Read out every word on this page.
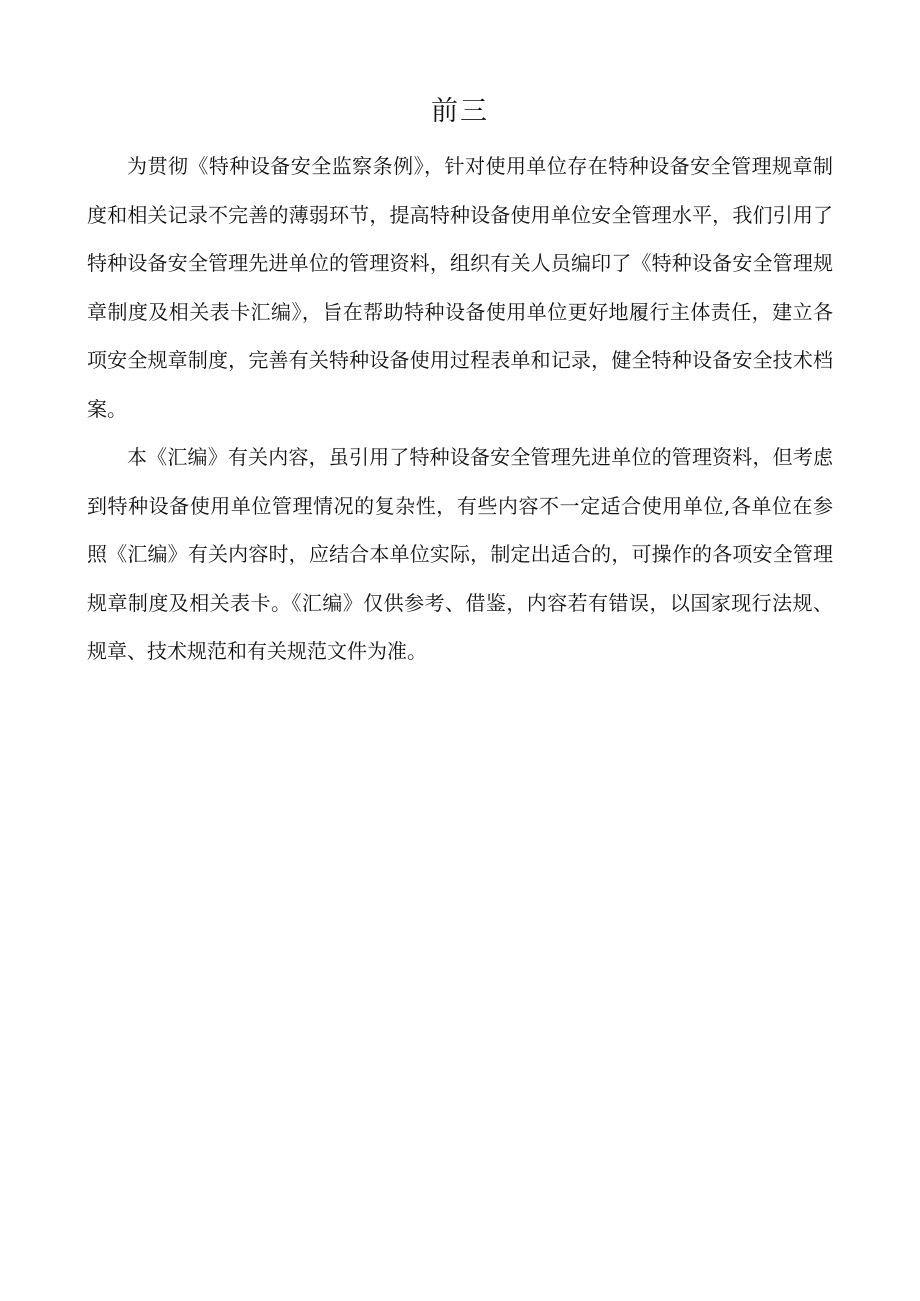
前三

为贯彻《特种设备安全监察条例》，针对使用单位存在特种设备安全管理规章制度和相关记录不完善的薄弱环节，提高特种设备使用单位安全管理水平，我们引用了特种设备安全管理先进单位的管理资料，组织有关人员编印了《特种设备安全管理规章制度及相关表卡汇编》，旨在帮助特种设备使用单位更好地履行主体责任，建立各项安全规章制度，完善有关特种设备使用过程表单和记录，健全特种设备安全技术档案。

本《汇编》有关内容，虽引用了特种设备安全管理先进单位的管理资料，但考虑到特种设备使用单位管理情况的复杂性，有些内容不一定适合使用单位,各单位在参照《汇编》有关内容时，应结合本单位实际，制定出适合的，可操作的各项安全管理规章制度及相关表卡。《汇编》仅供参考、借鉴，内容若有错误，以国家现行法规、规章、技术规范和有关规范文件为准。
